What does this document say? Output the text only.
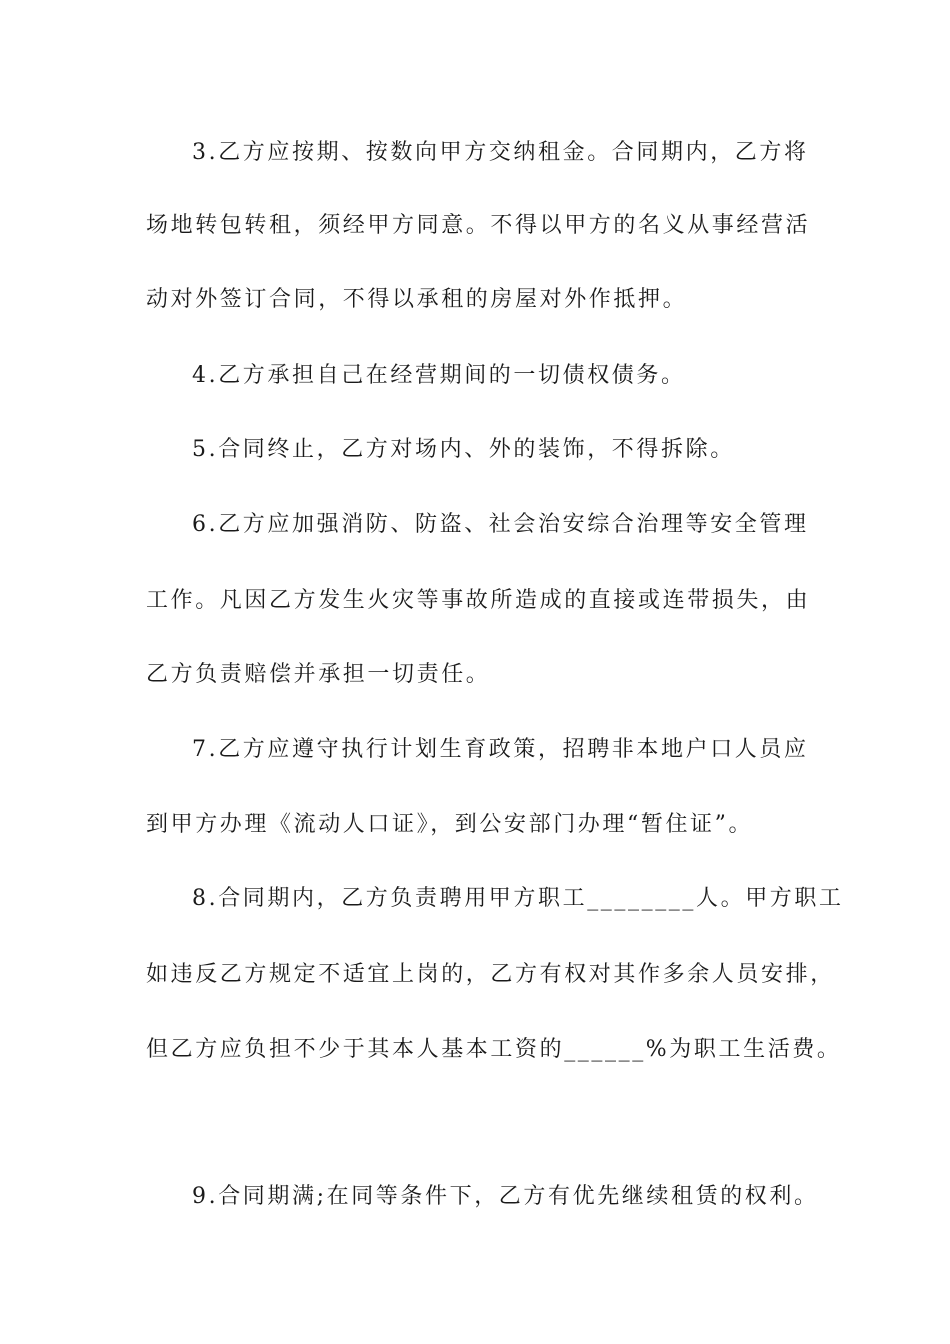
3.乙方应按期、按数向甲方交纳租金。合同期内，乙方将
场地转包转租，须经甲方同意。不得以甲方的名义从事经营活
动对外签订合同，不得以承租的房屋对外作抵押。
4.乙方承担自己在经营期间的一切债权债务。
5.合同终止，乙方对场内、外的装饰，不得拆除。
6.乙方应加强消防、防盗、社会治安综合治理等安全管理
工作。凡因乙方发生火灾等事故所造成的直接或连带损失，由
乙方负责赔偿并承担一切责任。
7.乙方应遵守执行计划生育政策，招聘非本地户口人员应
到甲方办理《流动人口证》，到公安部门办理“暂住证”。
8.合同期内，乙方负责聘用甲方职工________人。甲方职工
如违反乙方规定不适宜上岗的，乙方有权对其作多余人员安排，
但乙方应负担不少于其本人基本工资的______%为职工生活费。
9.合同期满;在同等条件下，乙方有优先继续租赁的权利。
